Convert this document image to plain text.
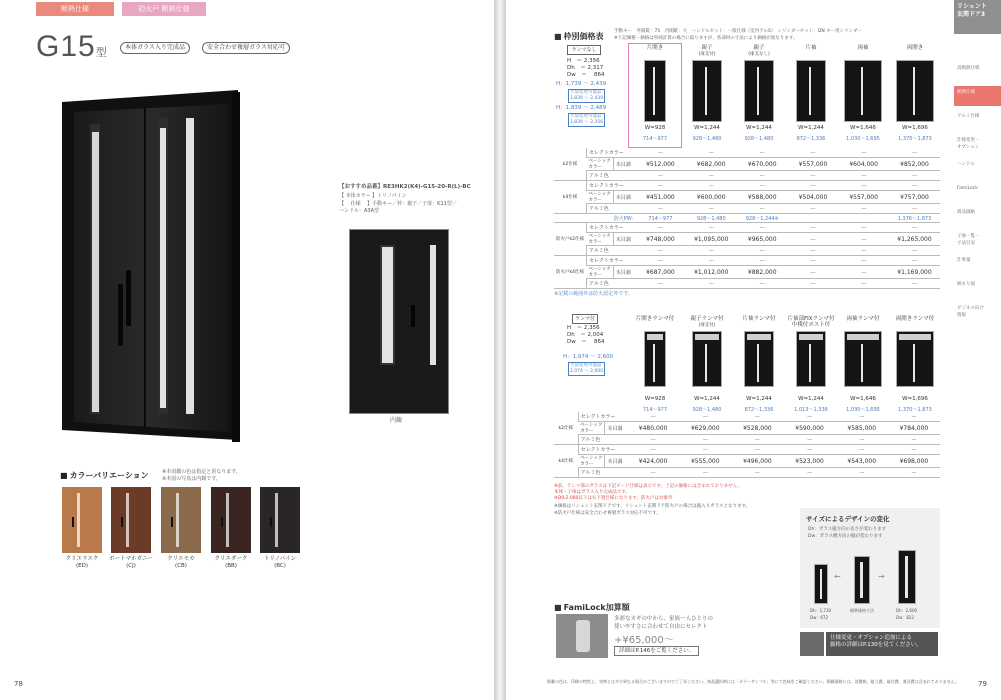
断熱仕様	防火戸 断熱仕様
G15型	本体ガラス入り完成品	安全合わせ複層ガラス対応可
【おすすめ品番】RE3HK2(K4)-G15-20-R(L)-BC
【 本体カラー 】トリノパイン
【　 仕様 　】手動キー／枠：親子／子扉：K11型／ハンドル：A3A型
内観
■ カラーバリエーション	※本図鑑の色は指定と異なります。
※本図の写真は内観です。
クリエラスク
(ED)
ボートマホガニー
(CJ)
クリエモカ
(CB)
クリエダーク
(BB)
トリノパイン
(BC)
78
■ 枠別価格表
手動キー　外開錠：75　内開錠：大　ハンドルセット：一般仕様（室内アルS）　シリンダーセット：DN キー用シリンダー
※下記価格・価格は単純計算の場合に取りますが、各部材の寸法により価格が異なります。
ランマなし
H　＝ 2,356
Dh　＝ 2,317
Dw　＝ 　864
H：1,739 ～ 2,439
寸法変更可能品
1,839 ～ 2,439
H：1,839 ～ 2,489
寸法変更可能品
1,839 ～ 2,356
片開き
W=928
714～977
親子
(扉支付)
W=1,244
928～1,480
親子
(扉支なし)
W=1,244
928～1,480
片袖
W=1,244
872～1,336
両袖
W=1,646
1,030～1,695
両開き
W=1,696
1,370～1,873
k2仕様	セレクトカラー		－	－	－	－	－	－
	ベーシック
カラー	木目調	¥512,000	¥682,000	¥670,000	¥557,000	¥604,000	¥852,000
	アルミ色		－	－	－	－	－	－
k4仕様	セレクトカラー		－	－	－	－	－	－
	ベーシック
カラー	木目調	¥451,000	¥600,000	¥588,000	¥504,000	¥557,000	¥757,000
	アルミ色		－	－	－	－	－	－
防火PW:			714～977	928～1,480	928～1,244※			1,376～1,873
防火戸k2仕様	セレクトカラー		－	－	－	－	－	－
	ベーシック
カラー	木目調	¥748,000	¥1,095,000	¥965,000	－	－	¥1,265,000
	アルミ色		－	－	－	－	－	－
防火戸k4仕様	セレクトカラー		－	－	－	－	－	－
	ベーシック
カラー	木目調	¥687,000	¥1,012,000	¥882,000	－	－	¥1,169,000
	アルミ色		－	－	－	－	－	－
※記載の範囲外は防火認定外です。
ランマ付
H　＝ 2,356
Dh　＝ 2,004
Dw　＝ 　864
H：1,974 ～ 2,600
寸法変更可能品
2,074 ～ 2,600
片開きランマ付
W=928
714～977
親子ランマ付
(扉支付)
W=1,244
928～1,480
片袖ランマ付
W=1,244
872～1,336
片袖部FIXランマ付
中桟付ポスト付
W=1,244
1,013～1,336
両袖ランマ付
W=1,646
1,030～1,695
両開きランマ付
W=1,696
1,370～1,873
k2仕様	セレクトカラー		－	－	－	－	－	－
	ベーシック
カラー	木目調	¥480,000	¥629,000	¥528,000	¥590,000	¥585,000	¥784,000
	アルミ色		－	－	－	－	－	－
k4仕様	セレクトカラー		－	－	－	－	－	－
	ベーシック
カラー	木目調	¥424,000	¥555,000	¥496,000	¥523,000	¥543,000	¥698,000
	アルミ色		－	－	－	－	－	－
※前、ランマ部のガラスは下記ビード仕様は表示です。上記の価格には含まれておりません。
本体・子扉はガラス入り完成品です。
※D9,2,000以下は右下置仕様になります。防火戸は対象外
※価格はリシェント玄関ドアです。リシェント玄関ドア防火戸の場合は親入りガラスとなります。
※防火戸仕様は安全合わせ複層ガラス対応不可です。
サイズによるデザインの変化
Dh：ガラス縦方向の長さが変わります
Dw：ガラス横方向の幅が変わります
←	→
Dh：1,730
Dw：672
標準価格寸法	Dh：2,600
Dw：822
■ FamiLock加算額
多彩なカギの中から、家族一人ひとりの
使いやすさに合わせて自由にセレクト
+¥65,000～
詳細はP.146をご覧ください。
仕様変更・オプション追加による
価格の詳細はP.130を見てください。
掲載の色は、印刷の特性上、実物とは多少異なる場合がございますのでご了承ください。商品選択時には「カラーサンプル」等にて色味をご確認ください。掲載価格には、消費税、組立費、取付費、運送費は含まれておりません。	79
リシェント
玄関ドア3
高断熱仕様
断熱仕様
アルミ仕様
仕様変更・
オプション
ハンドル
FamiLock
商品価格
子扉一覧・
寸法目安
仕事量
納まり図
ビジネス向け
情報
